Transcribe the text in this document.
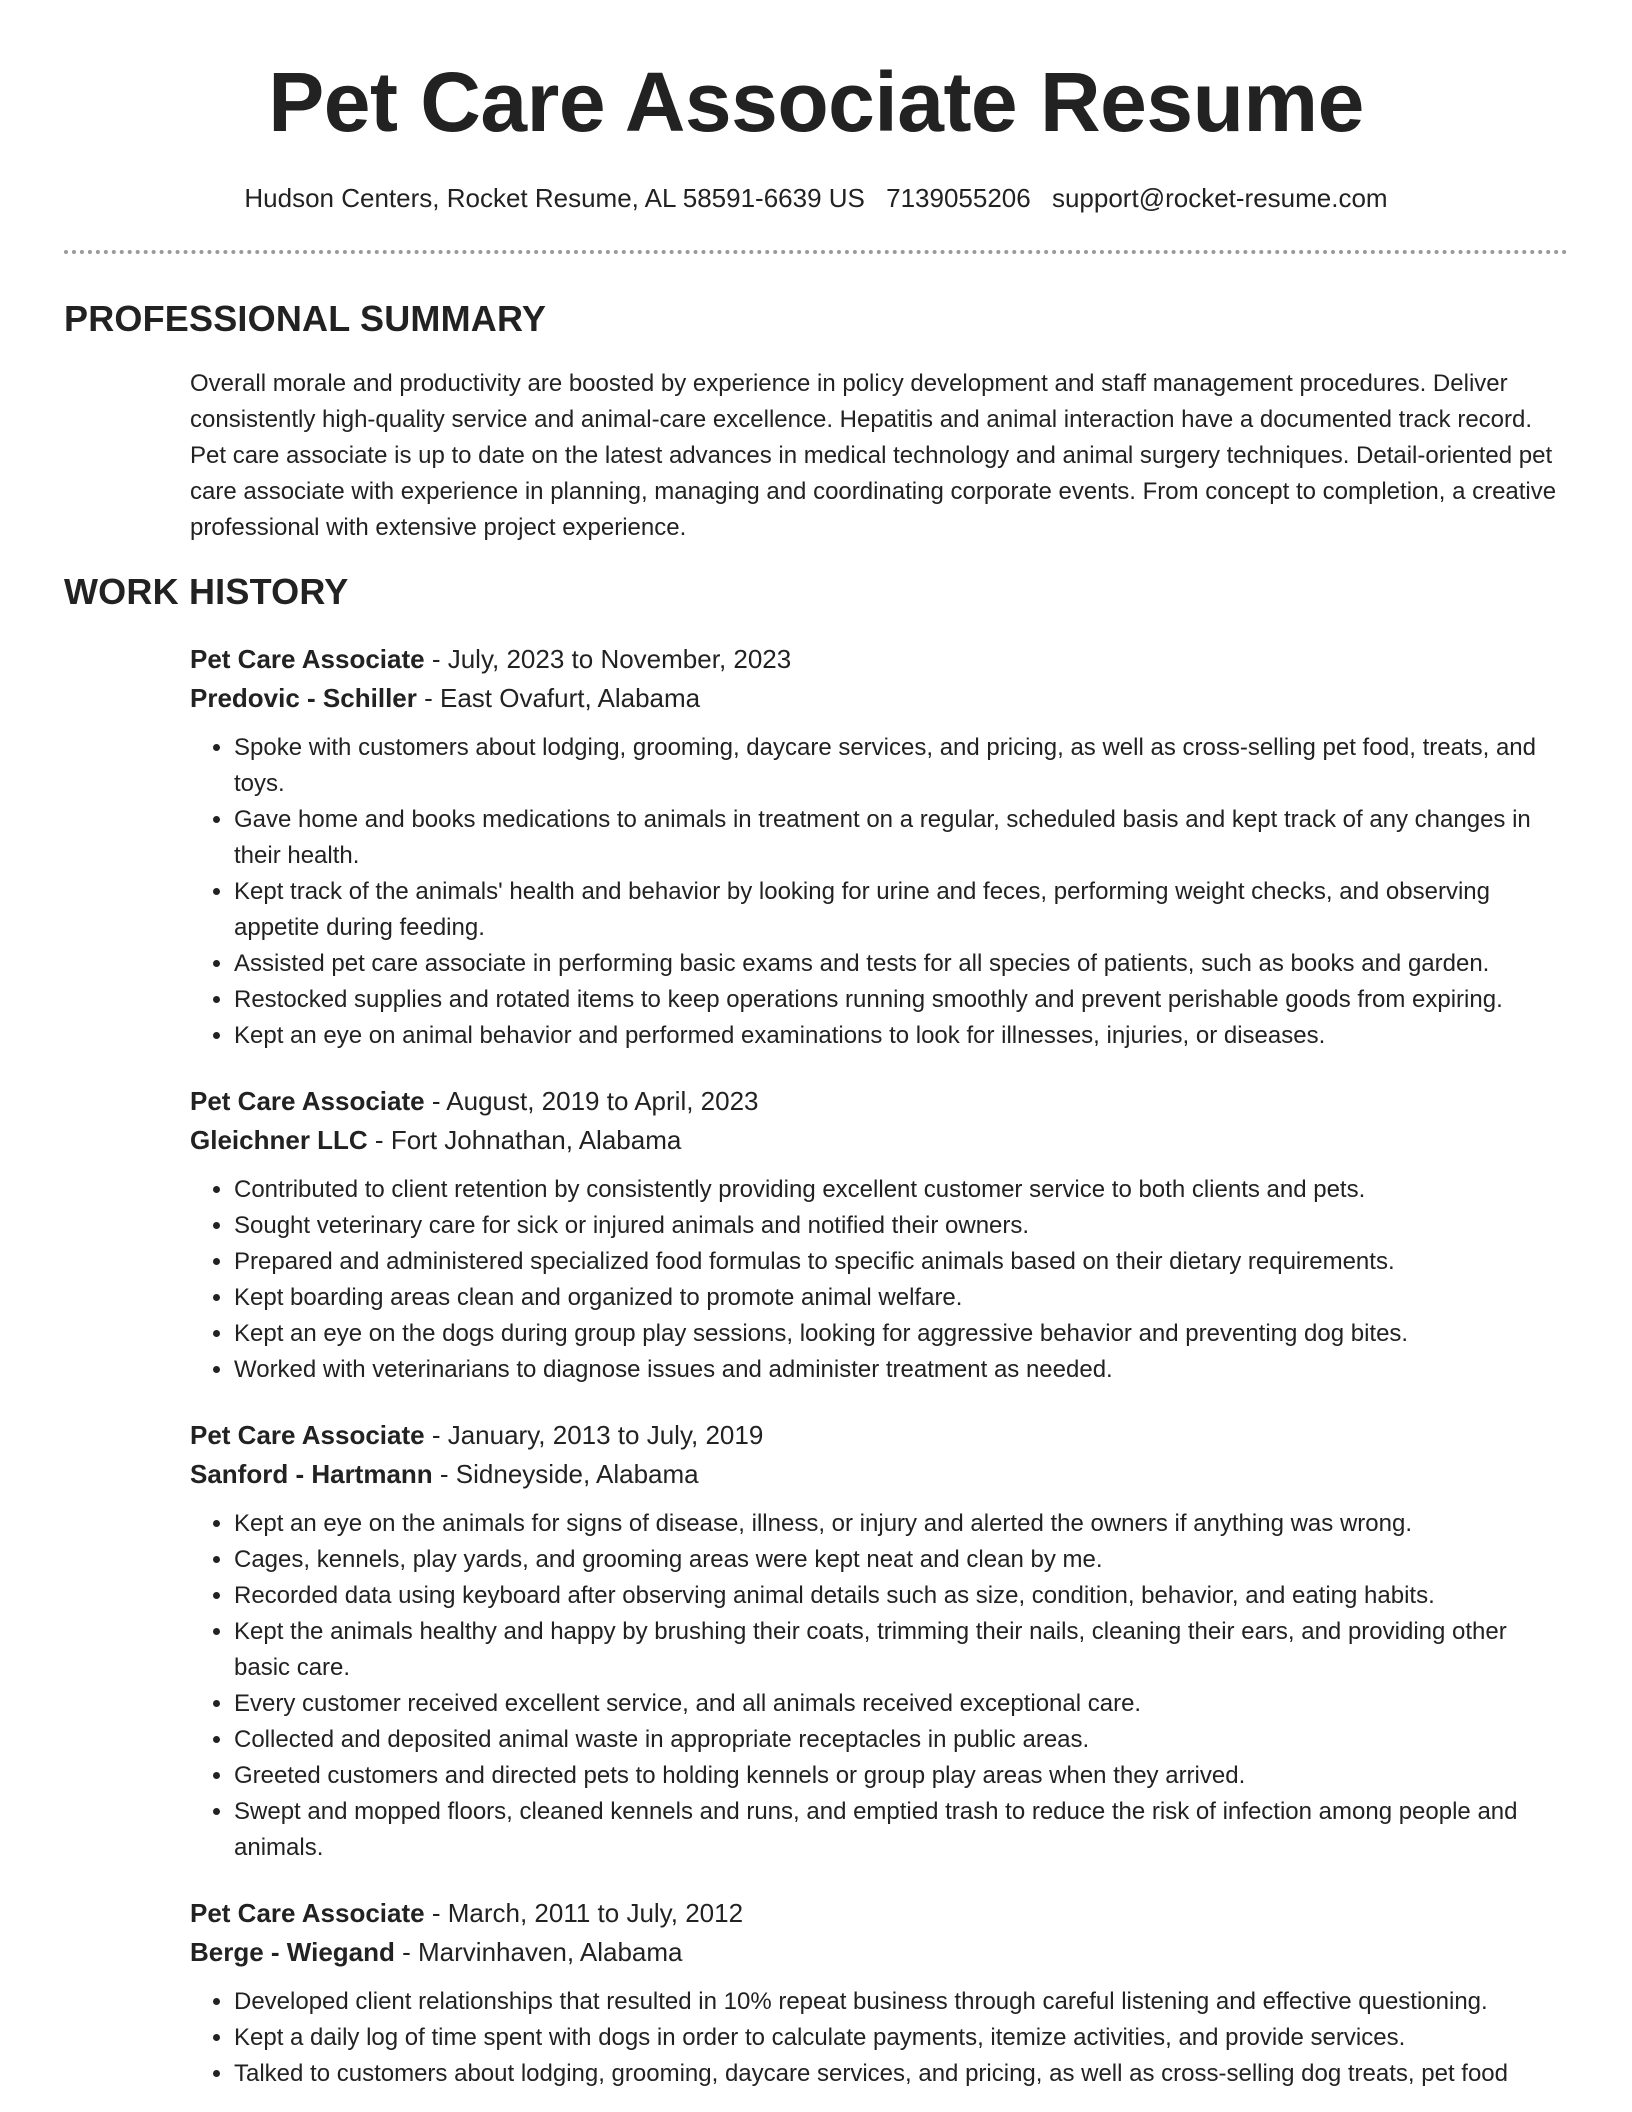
Pet Care Associate Resume
Hudson Centers, Rocket Resume, AL 58591-6639 US 7139055206 support@rocket-resume.com
PROFESSIONAL SUMMARY

Overall morale and productivity are boosted by experience in policy development and staff management procedures. Deliver consistently high-quality service and animal-care excellence. Hepatitis and animal interaction have a documented track record. Pet care associate is up to date on the latest advances in medical technology and animal surgery techniques. Detail-oriented pet care associate with experience in planning, managing and coordinating corporate events. From concept to completion, a creative professional with extensive project experience.

WORK HISTORY

Pet Care Associate - July, 2023 to November, 2023

Predovic - Schiller - East Ovafurt, Alabama

• Spoke with customers about lodging, grooming, daycare services, and pricing, as well as cross-selling pet food, treats, and toys.
• Gave home and books medications to animals in treatment on a regular, scheduled basis and kept track of any changes in their health.
• Kept track of the animals' health and behavior by looking for urine and feces, performing weight checks, and observing appetite during feeding.
• Assisted pet care associate in performing basic exams and tests for all species of patients, such as books and garden.
• Restocked supplies and rotated items to keep operations running smoothly and prevent perishable goods from expiring.
• Kept an eye on animal behavior and performed examinations to look for illnesses, injuries, or diseases.

Pet Care Associate - August, 2019 to April, 2023

Gleichner LLC - Fort Johnathan, Alabama

• Contributed to client retention by consistently providing excellent customer service to both clients and pets.
• Sought veterinary care for sick or injured animals and notified their owners.
• Prepared and administered specialized food formulas to specific animals based on their dietary requirements.
• Kept boarding areas clean and organized to promote animal welfare.
• Kept an eye on the dogs during group play sessions, looking for aggressive behavior and preventing dog bites.
• Worked with veterinarians to diagnose issues and administer treatment as needed.

Pet Care Associate - January, 2013 to July, 2019

Sanford - Hartmann - Sidneyside, Alabama

• Kept an eye on the animals for signs of disease, illness, or injury and alerted the owners if anything was wrong.
• Cages, kennels, play yards, and grooming areas were kept neat and clean by me.
• Recorded data using keyboard after observing animal details such as size, condition, behavior, and eating habits.
• Kept the animals healthy and happy by brushing their coats, trimming their nails, cleaning their ears, and providing other basic care.
• Every customer received excellent service, and all animals received exceptional care.
• Collected and deposited animal waste in appropriate receptacles in public areas.
• Greeted customers and directed pets to holding kennels or group play areas when they arrived.
• Swept and mopped floors, cleaned kennels and runs, and emptied trash to reduce the risk of infection among people and animals.

Pet Care Associate - March, 2011 to July, 2012

Berge - Wiegand - Marvinhaven, Alabama

• Developed client relationships that resulted in 10% repeat business through careful listening and effective questioning.
• Kept a daily log of time spent with dogs in order to calculate payments, itemize activities, and provide services.
• Talked to customers about lodging, grooming, daycare services, and pricing, as well as cross-selling dog treats, pet food
